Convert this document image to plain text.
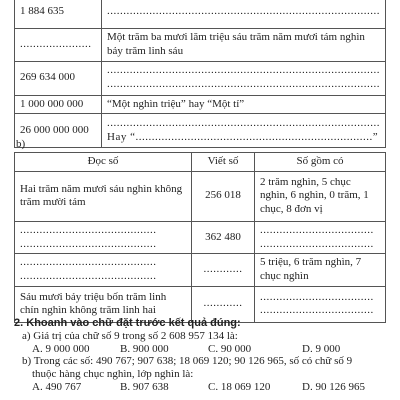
1 884 635	....................................................................................

......................	Một trăm ba mươi lăm triệu sáu trăm năm mươi tám nghìn bảy trăm linh sáu
269 634 000	....................................................................................
....................................................................................

1 000 000 000	“Một nghìn triệu” hay “Một tỉ”
26 000 000 000	....................................................................................
Hay “.........................................................................”
b)
Đọc số	Viết số	Số gồm có
Hai trăm năm mươi sáu nghìn không trăm mười tám	256 018	2 trăm nghìn, 5 chục nghìn, 6 nghìn, 0 trăm, 1 chục, 8 đơn vị

..........................................
..........................................	362 480	...................................
...................................

..........................................
..........................................	............	5 triệu, 6 trăm nghìn, 7 chục nghìn
Sáu mươi bảy triệu bốn trăm linh chín nghìn không trăm linh hai	............	...................................
...................................

2. Khoanh vào chữ đặt trước kết quả đúng:

a) Giá trị của chữ số 9 trong số 2 608 957 134 là:

A. 9 000 000	B. 900 000	C. 90 000	D. 9 000

b) Trong các số: 490 767; 907 638; 18 069 120; 90 126 965, số có chữ số 9

thuộc hàng chục nghìn, lớp nghìn là:

A. 490 767	B. 907 638	C. 18 069 120	D. 90 126 965
